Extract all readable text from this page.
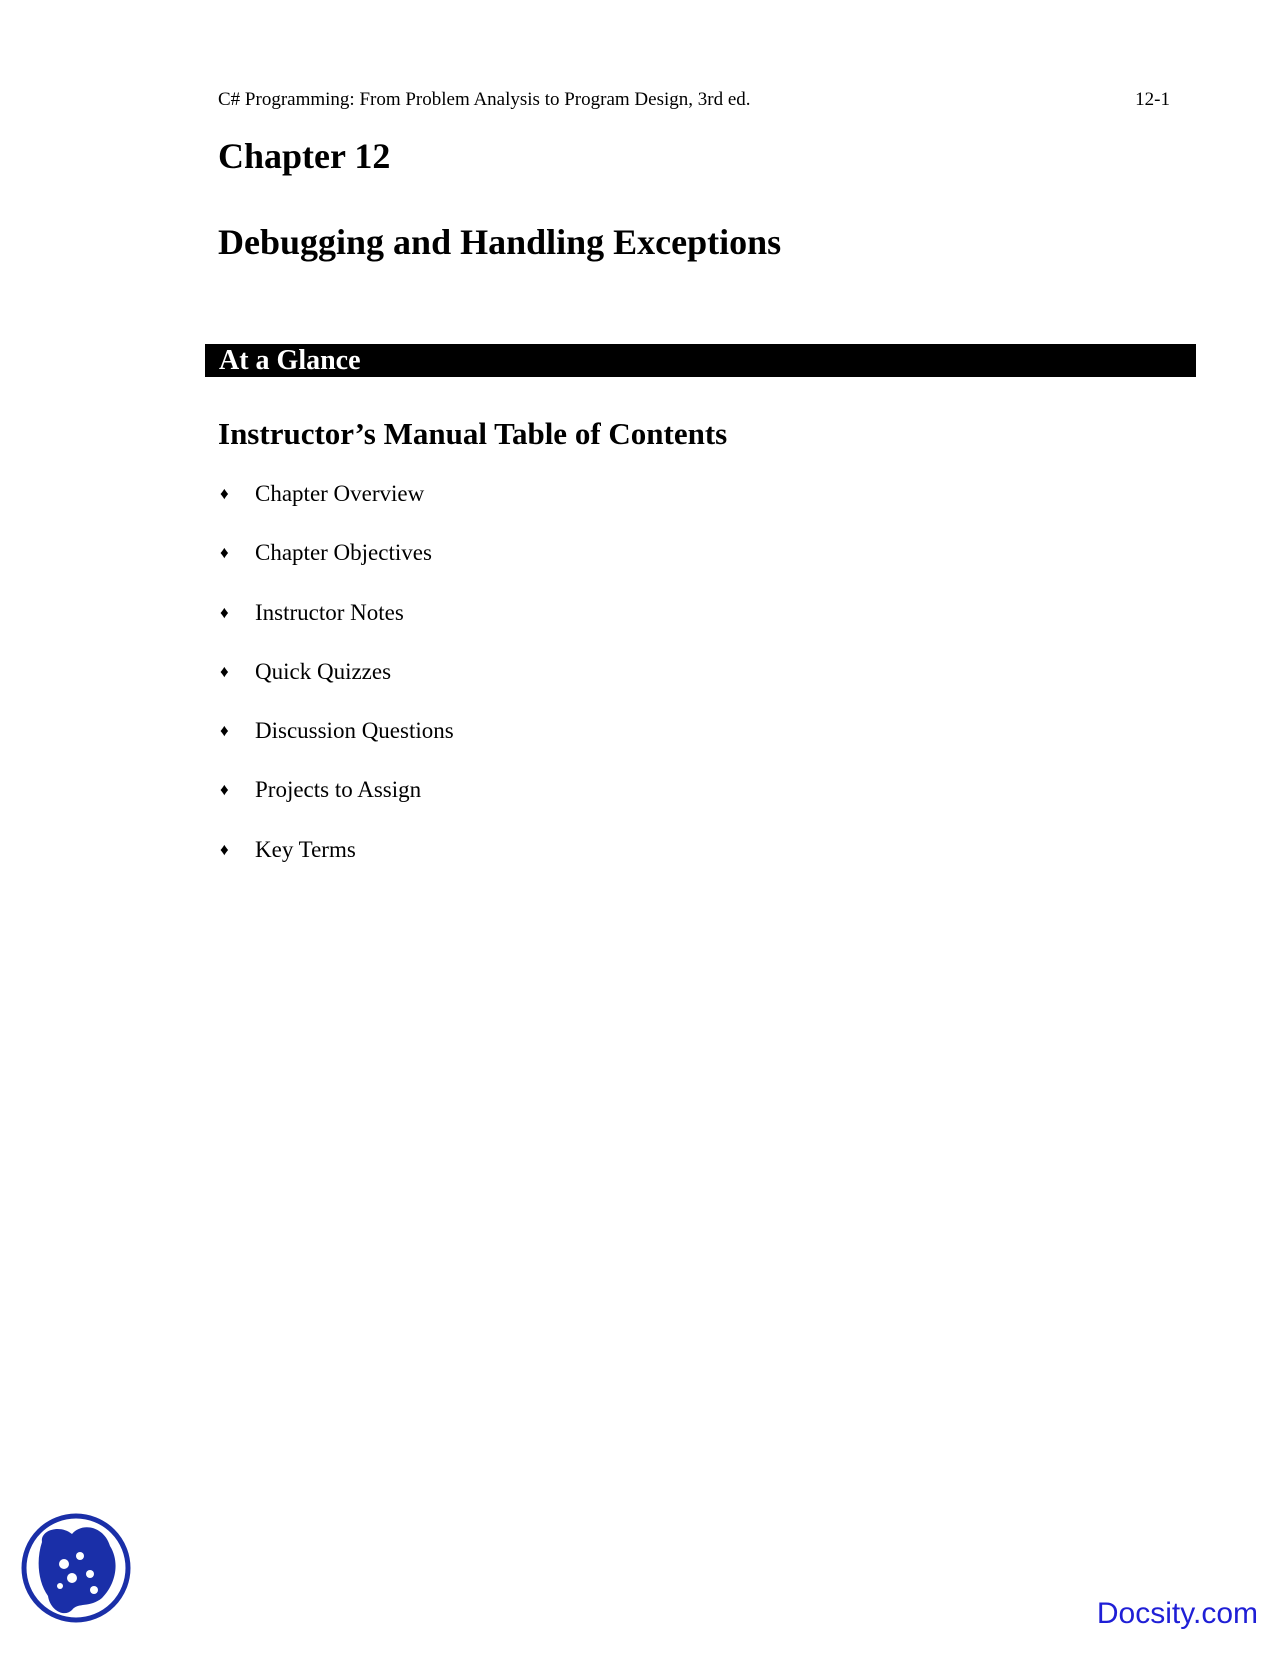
C# Programming: From Problem Analysis to Program Design, 3rd ed.	12-1
Chapter 12
Debugging and Handling Exceptions
At a Glance
Instructor’s Manual Table of Contents
♦	Chapter Overview
♦	Chapter Objectives
♦	Instructor Notes
♦	Quick Quizzes
♦	Discussion Questions
♦	Projects to Assign
♦	Key Terms
Docsity.com
